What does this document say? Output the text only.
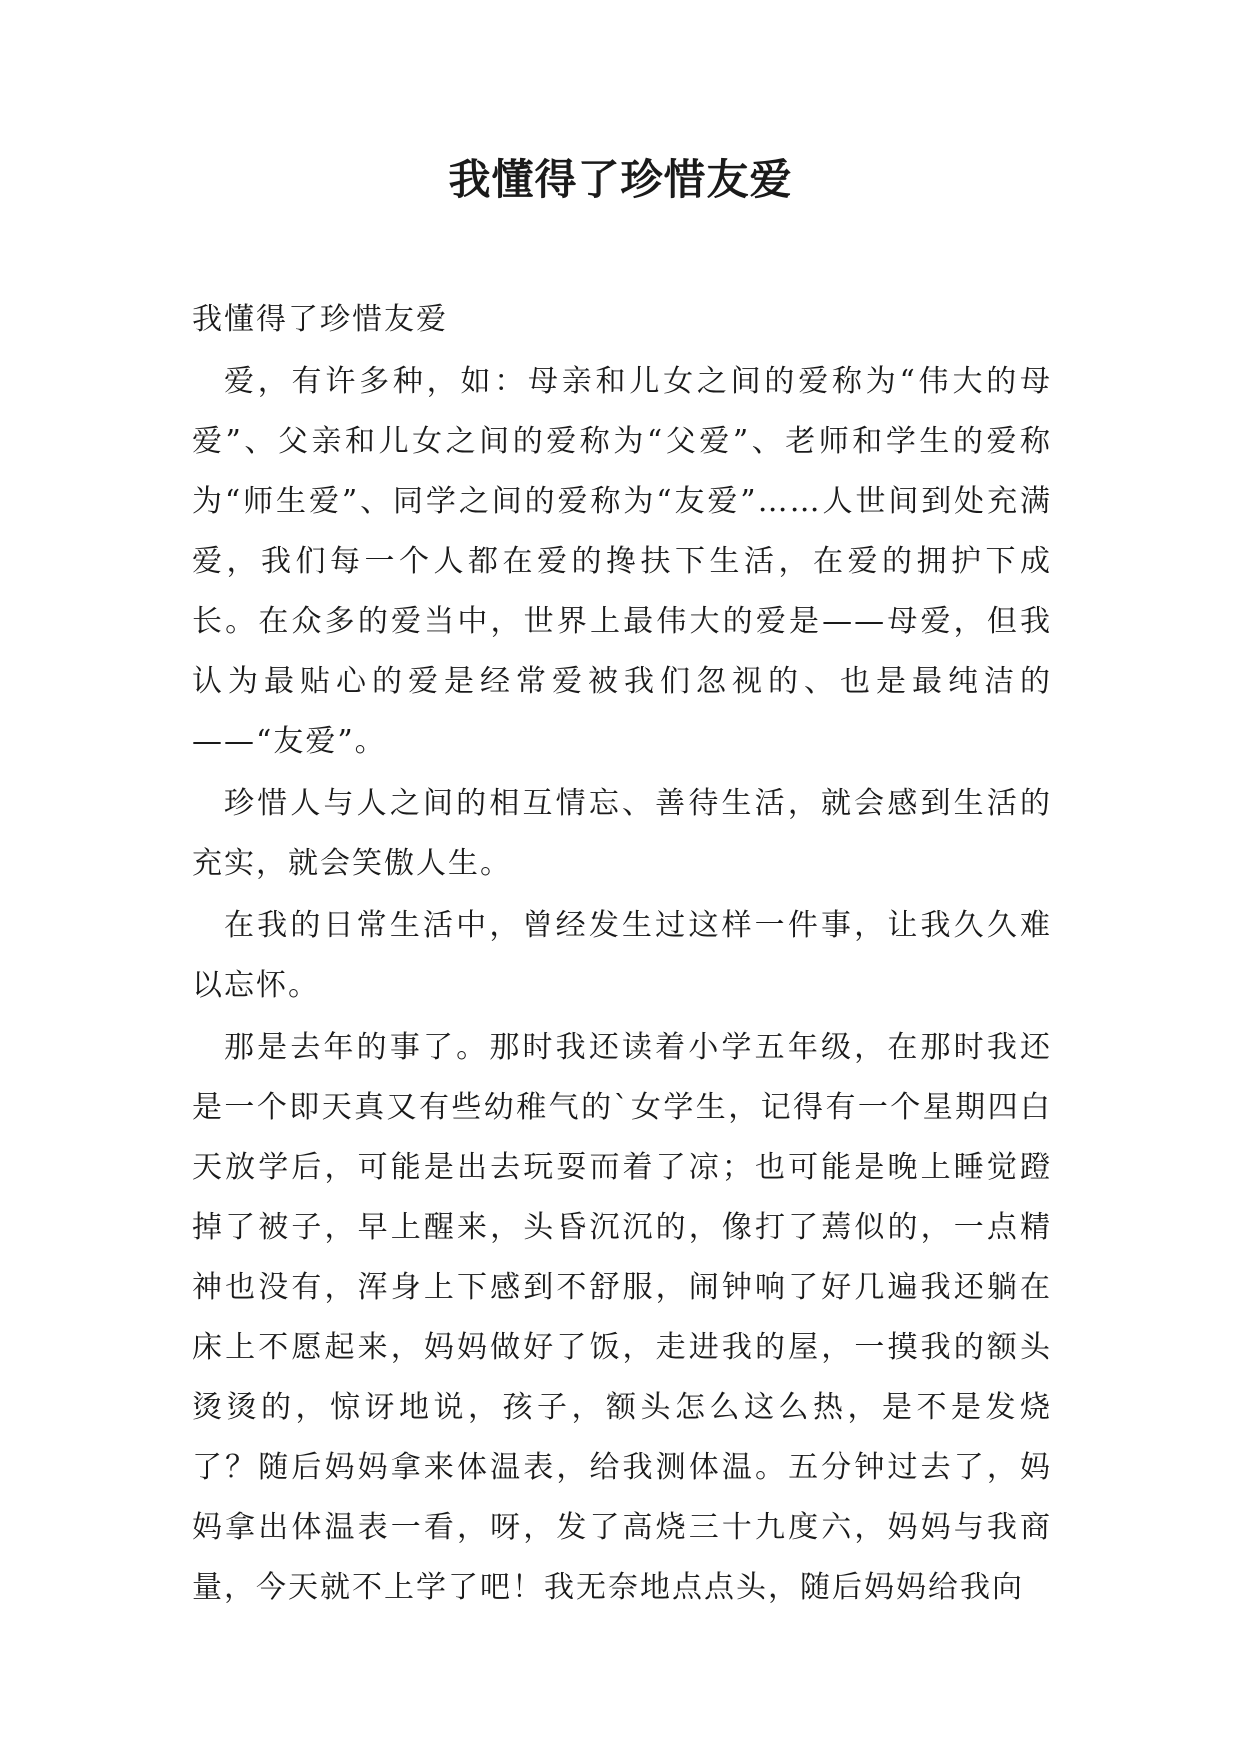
我懂得了珍惜友爱

我懂得了珍惜友爱

爱，有许多种，如：母亲和儿女之间的爱称为“伟大的母爱”、父亲和儿女之间的爱称为“父爱”、老师和学生的爱称为“师生爱”、同学之间的爱称为“友爱”……人世间到处充满爱，我们每一个人都在爱的搀扶下生活，在爱的拥护下成长。在众多的爱当中，世界上最伟大的爱是——母爱，但我认为最贴心的爱是经常爱被我们忽视的、也是最纯洁的——“友爱”。

珍惜人与人之间的相互情忘、善待生活，就会感到生活的充实，就会笑傲人生。

在我的日常生活中，曾经发生过这样一件事，让我久久难以忘怀。

那是去年的事了。那时我还读着小学五年级，在那时我还是一个即天真又有些幼稚气的`女学生，记得有一个星期四白天放学后，可能是出去玩耍而着了凉；也可能是晚上睡觉蹬掉了被子，早上醒来，头昏沉沉的，像打了蔫似的，一点精神也没有，浑身上下感到不舒服，闹钟响了好几遍我还躺在床上不愿起来，妈妈做好了饭，走进我的屋，一摸我的额头烫烫的，惊讶地说，孩子，额头怎么这么热，是不是发烧了？随后妈妈拿来体温表，给我测体温。五分钟过去了，妈妈拿出体温表一看，呀，发了高烧三十九度六，妈妈与我商量，今天就不上学了吧！我无奈地点点头，随后妈妈给我向
